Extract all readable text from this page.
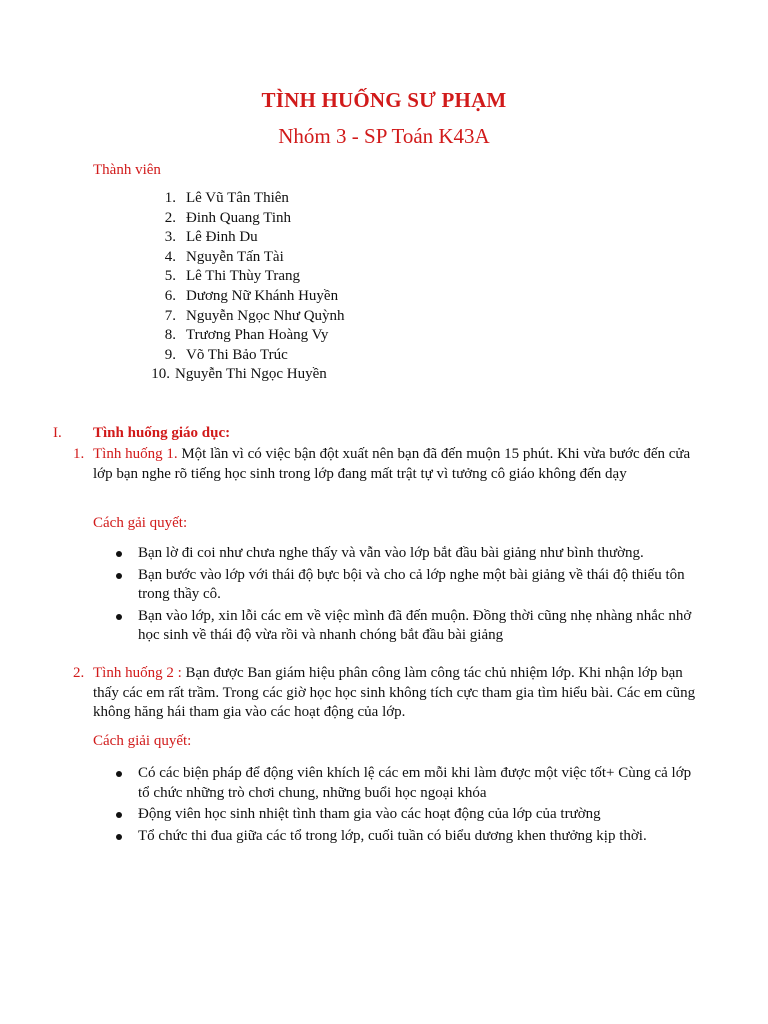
TÌNH HUỐNG SƯ PHẠM
Nhóm 3 - SP Toán K43A
Thành viên
1. Lê Vũ Tân Thiên
2. Đinh Quang Tinh
3. Lê Đinh Du
4. Nguyễn Tấn Tài
5. Lê Thi Thùy Trang
6. Dương Nữ Khánh Huyền
7. Nguyễn Ngọc Như Quỳnh
8. Trương Phan Hoàng Vy
9. Võ Thi Bảo Trúc
10. Nguyễn Thi Ngọc Huyền
I. Tình huống giáo dục:
1. Tình huống 1. Một lần vì có việc bận đột xuất nên bạn đã đến muộn 15 phút. Khi vừa bước đến cửa lớp bạn nghe rõ tiếng học sinh trong lớp đang mất trật tự vì tưởng cô giáo không đến dạy
Cách gải quyết:
Bạn lờ đi coi như chưa nghe thấy và vẫn vào lớp bắt đầu bài giảng như bình thường.
Bạn bước vào lớp với thái độ bực bội và cho cả lớp nghe một bài giảng về thái độ thiếu tôn trong thầy cô.
Bạn vào lớp, xin lỗi các em về việc mình đã đến muộn. Đồng thời cũng nhẹ nhàng nhắc nhở học sinh về thái độ vừa rồi và nhanh chóng bắt đầu bài giảng
2. Tình huống 2 : Bạn được Ban giám hiệu phân công làm công tác chủ nhiệm lớp. Khi nhận lớp bạn thấy các em rất trầm. Trong các giờ học học sinh không tích cực tham gia tìm hiểu bài. Các em cũng không hăng hái tham gia vào các hoạt động của lớp.
Cách giải quyết:
Có các biện pháp để động viên khích lệ các em mỗi khi làm được một việc tốt+ Cùng cả lớp tổ chức những trò chơi chung, những buổi học ngoại khóa
Động viên học sinh nhiệt tình tham gia vào các hoạt động của lớp của trường
Tổ chức thi đua giữa các tổ trong lớp, cuối tuần có biểu dương khen thưởng kịp thời.
